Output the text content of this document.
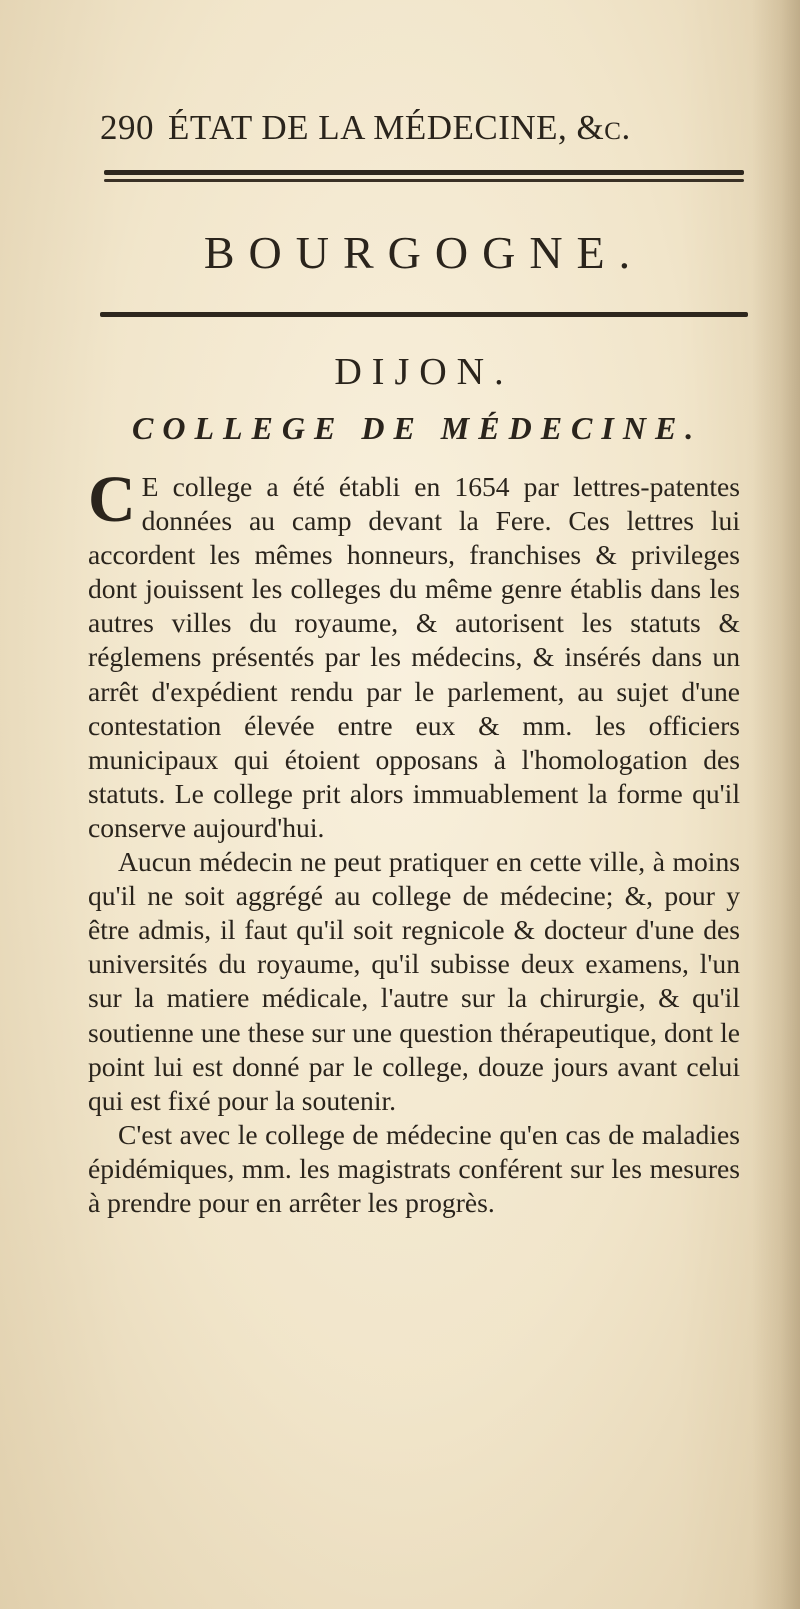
290 ÉTAT DE LA MÉDECINE, &c.
BOURGOGNE.
DIJON.
COLLEGE DE MÉDECINE.

C E college a été établi en 1654 par lettres-patentes données au camp devant la Fere. Ces lettres lui accordent les mêmes honneurs, franchises & privileges dont jouissent les colleges du même genre établis dans les autres villes du royaume, & autorisent les statuts & réglemens présentés par les médecins, & insérés dans un arrêt d'expédient rendu par le parlement, au sujet d'une contestation élevée entre eux & mm. les officiers municipaux qui étoient opposans à l'homologation des statuts. Le college prit alors immuablement la forme qu'il conserve aujourd'hui.

Aucun médecin ne peut pratiquer en cette ville, à moins qu'il ne soit aggrégé au college de médecine; &, pour y être admis, il faut qu'il soit regnicole & docteur d'une des universités du royaume, qu'il subisse deux examens, l'un sur la matiere médicale, l'autre sur la chirurgie, & qu'il soutienne une these sur une question thérapeutique, dont le point lui est donné par le college, douze jours avant celui qui est fixé pour la soutenir.

C'est avec le college de médecine qu'en cas de maladies épidémiques, mm. les magistrats conférent sur les mesures à prendre pour en arrêter les progrès.
